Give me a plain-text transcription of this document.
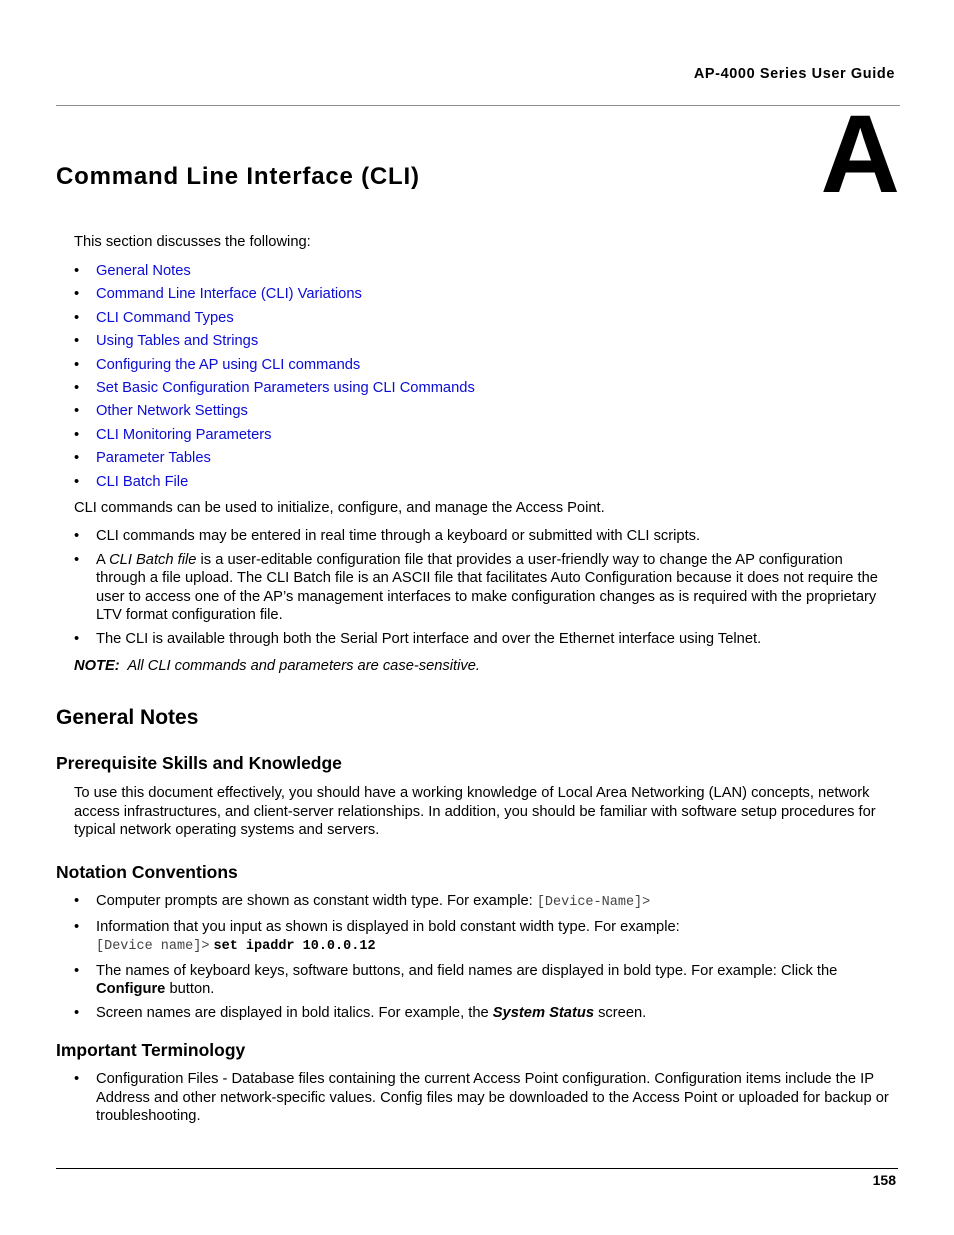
AP-4000 Series User Guide
A
Command Line Interface (CLI)
This section discusses the following:
• General Notes
• Command Line Interface (CLI) Variations
• CLI Command Types
• Using Tables and Strings
• Configuring the AP using CLI commands
• Set Basic Configuration Parameters using CLI Commands
• Other Network Settings
• CLI Monitoring Parameters
• Parameter Tables
• CLI Batch File
CLI commands can be used to initialize, configure, and manage the Access Point.
• CLI commands may be entered in real time through a keyboard or submitted with CLI scripts.
• A CLI Batch file is a user-editable configuration file that provides a user-friendly way to change the AP configuration through a file upload. The CLI Batch file is an ASCII file that facilitates Auto Configuration because it does not require the user to access one of the AP’s management interfaces to make configuration changes as is required with the proprietary LTV format configuration file.
• The CLI is available through both the Serial Port interface and over the Ethernet interface using Telnet.
NOTE: All CLI commands and parameters are case-sensitive.
General Notes
Prerequisite Skills and Knowledge
To use this document effectively, you should have a working knowledge of Local Area Networking (LAN) concepts, network access infrastructures, and client-server relationships. In addition, you should be familiar with software setup procedures for typical network operating systems and servers.
Notation Conventions
• Computer prompts are shown as constant width type. For example: [Device-Name]>
• Information that you input as shown is displayed in bold constant width type. For example:
[Device name]> set ipaddr 10.0.0.12
• The names of keyboard keys, software buttons, and field names are displayed in bold type. For example: Click the Configure button.
• Screen names are displayed in bold italics. For example, the System Status screen.
Important Terminology
• Configuration Files - Database files containing the current Access Point configuration. Configuration items include the IP Address and other network-specific values. Config files may be downloaded to the Access Point or uploaded for backup or troubleshooting.
158
